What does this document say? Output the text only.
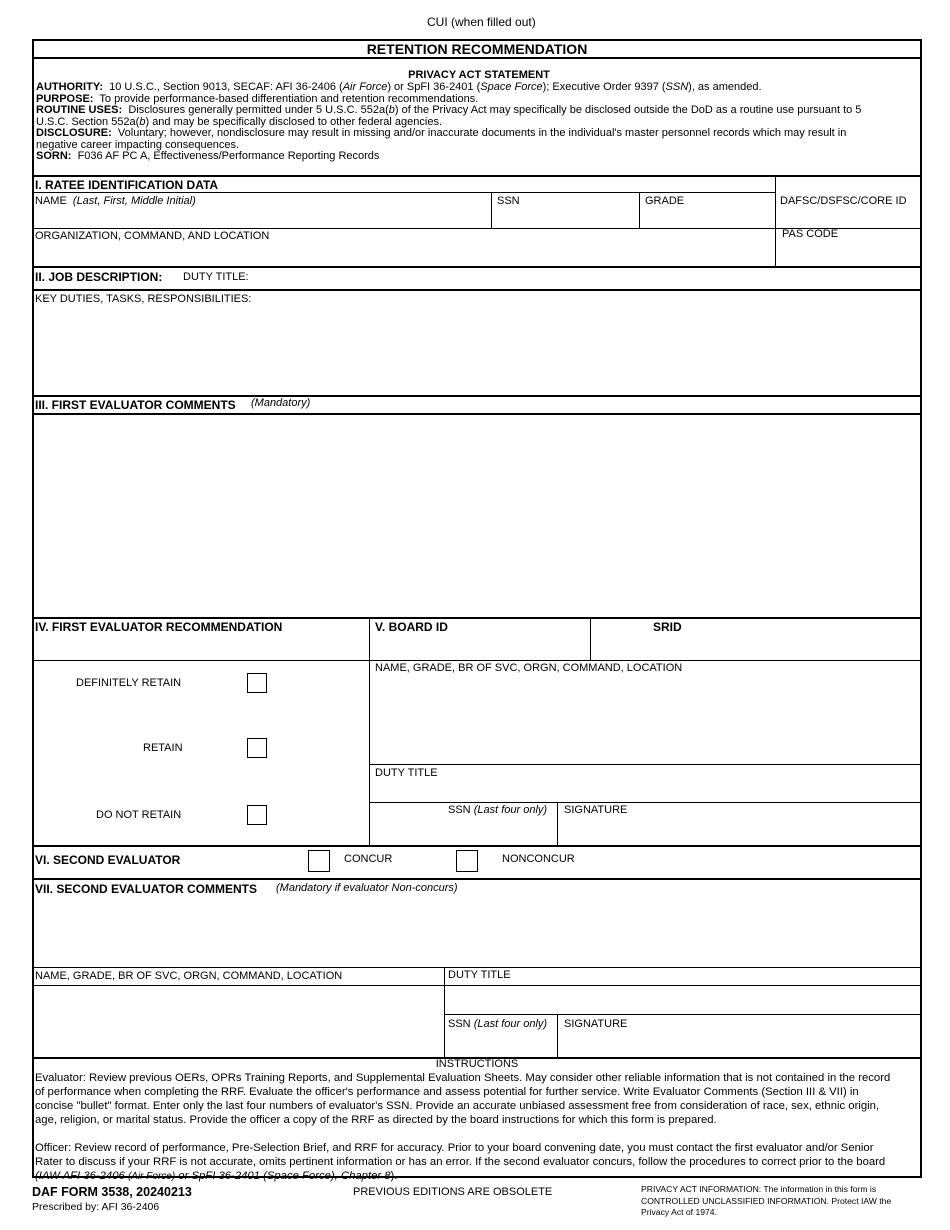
CUI (when filled out)
RETENTION RECOMMENDATION
PRIVACY ACT STATEMENT
AUTHORITY: 10 U.S.C., Section 9013, SECAF: AFI 36-2406 (Air Force) or SpFI 36-2401 (Space Force); Executive Order 9397 (SSN), as amended.
PURPOSE: To provide performance-based differentiation and retention recommendations.
ROUTINE USES: Disclosures generally permitted under 5 U.S.C. 552a(b) of the Privacy Act may specifically be disclosed outside the DoD as a routine use pursuant to 5
U.S.C. Section 552a(b) and may be specifically disclosed to other federal agencies.
DISCLOSURE: Voluntary; however, nondisclosure may result in missing and/or inaccurate documents in the individual's master personnel records which may result in
negative career impacting consequences.
SORN: F036 AF PC A, Effectiveness/Performance Reporting Records
I. RATEE IDENTIFICATION DATA
NAME (Last, First, Middle Initial)	SSN	GRADE	DAFSC/DSFSC/CORE ID
ORGANIZATION, COMMAND, AND LOCATION	PAS CODE
II. JOB DESCRIPTION: DUTY TITLE:
KEY DUTIES, TASKS, RESPONSIBILITIES:
III. FIRST EVALUATOR COMMENTS (Mandatory)
IV. FIRST EVALUATOR RECOMMENDATION	V. BOARD ID	SRID
DEFINITELY RETAIN
RETAIN
DO NOT RETAIN
NAME, GRADE, BR OF SVC, ORGN, COMMAND, LOCATION
DUTY TITLE
SSN (Last four only) SIGNATURE
VI. SECOND EVALUATOR	CONCUR	NONCONCUR
VII. SECOND EVALUATOR COMMENTS (Mandatory if evaluator Non-concurs)
NAME, GRADE, BR OF SVC, ORGN, COMMAND, LOCATION	DUTY TITLE
SSN (Last four only) SIGNATURE
INSTRUCTIONS
Evaluator: Review previous OERs, OPRs Training Reports, and Supplemental Evaluation Sheets. May consider other reliable information that is not contained in the record
of performance when completing the RRF. Evaluate the officer's performance and assess potential for further service. Write Evaluator Comments (Section III & VII) in
concise "bullet" format. Enter only the last four numbers of evaluator's SSN. Provide an accurate unbiased assessment free from consideration of race, sex, ethnic origin,
age, religion, or marital status. Provide the officer a copy of the RRF as directed by the board instructions for which this form is prepared.
Officer: Review record of performance, Pre-Selection Brief, and RRF for accuracy. Prior to your board convening date, you must contact the first evaluator and/or Senior
Rater to discuss if your RRF is not accurate, omits pertinent information or has an error. If the second evaluator concurs, follow the procedures to correct prior to the board
(IAW AFI 36-2406 (Air Force) or SpFI 36-2401 (Space Force), Chapter 8).
DAF FORM 3538, 20240213
Prescribed by: AFI 36-2406
PREVIOUS EDITIONS ARE OBSOLETE	PRIVACY ACT INFORMATION: The information in this form is
CONTROLLED UNCLASSIFIED INFORMATION. Protect IAW the
Privacy Act of 1974.
